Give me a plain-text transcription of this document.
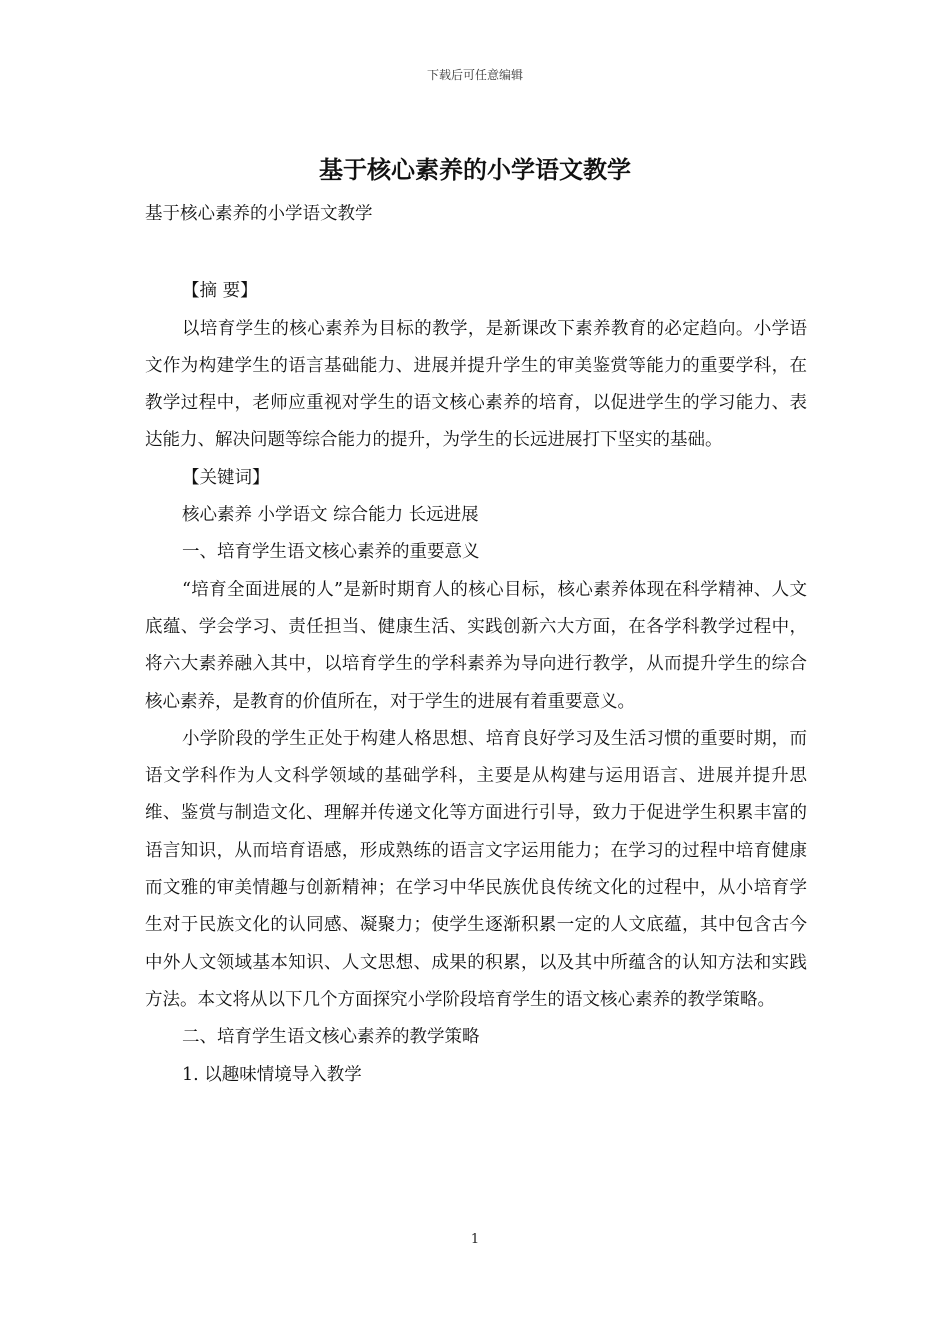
下载后可任意编辑
基于核心素养的小学语文教学

基于核心素养的小学语文教学

【摘 要】

以培育学生的核心素养为目标的教学，是新课改下素养教育的必定趋向。小学语文作为构建学生的语言基础能力、进展并提升学生的审美鉴赏等能力的重要学科，在教学过程中，老师应重视对学生的语文核心素养的培育，以促进学生的学习能力、表达能力、解决问题等综合能力的提升，为学生的长远进展打下坚实的基础。

【关键词】

核心素养 小学语文 综合能力 长远进展

一、培育学生语文核心素养的重要意义

“培育全面进展的人”是新时期育人的核心目标，核心素养体现在科学精神、人文底蕴、学会学习、责任担当、健康生活、实践创新六大方面，在各学科教学过程中，将六大素养融入其中，以培育学生的学科素养为导向进行教学，从而提升学生的综合核心素养，是教育的价值所在，对于学生的进展有着重要意义。

小学阶段的学生正处于构建人格思想、培育良好学习及生活习惯的重要时期，而语文学科作为人文科学领域的基础学科，主要是从构建与运用语言、进展并提升思维、鉴赏与制造文化、理解并传递文化等方面进行引导，致力于促进学生积累丰富的语言知识，从而培育语感，形成熟练的语言文字运用能力；在学习的过程中培育健康而文雅的审美情趣与创新精神；在学习中华民族优良传统文化的过程中，从小培育学生对于民族文化的认同感、凝聚力；使学生逐渐积累一定的人文底蕴，其中包含古今中外人文领域基本知识、人文思想、成果的积累，以及其中所蕴含的认知方法和实践方法。本文将从以下几个方面探究小学阶段培育学生的语文核心素养的教学策略。

二、培育学生语文核心素养的教学策略

1. 以趣味情境导入教学

1
